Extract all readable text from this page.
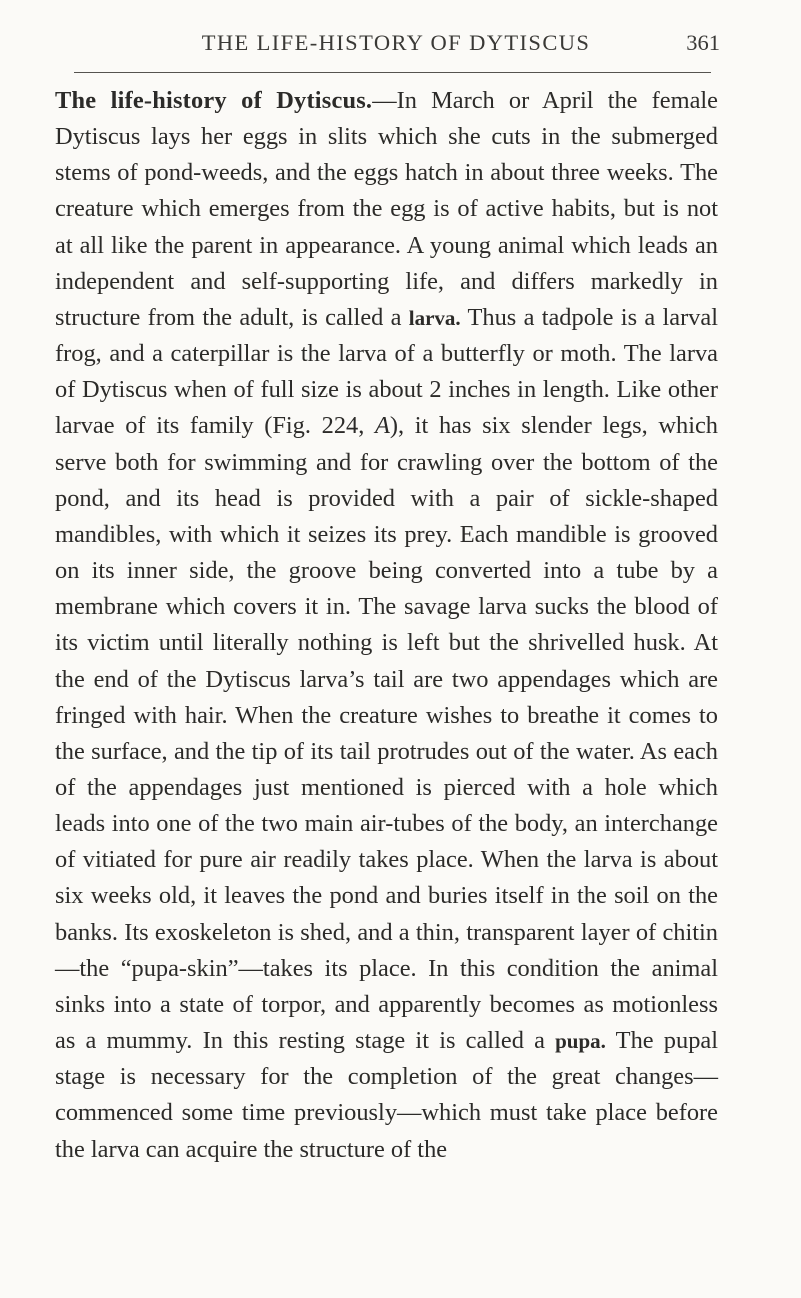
THE LIFE-HISTORY OF DYTISCUS	361

The life-history of Dytiscus.—In March or April the female Dytiscus lays her eggs in slits which she cuts in the submerged stems of pond-weeds, and the eggs hatch in about three weeks. The creature which emerges from the egg is of active habits, but is not at all like the parent in appearance. A young animal which leads an independent and self-supporting life, and differs markedly in structure from the adult, is called a larva. Thus a tadpole is a larval frog, and a caterpillar is the larva of a butterfly or moth. The larva of Dytiscus when of full size is about 2 inches in length. Like other larvae of its family (Fig. 224, A), it has six slender legs, which serve both for swimming and for crawling over the bottom of the pond, and its head is provided with a pair of sickle-shaped mandibles, with which it seizes its prey. Each mandible is grooved on its inner side, the groove being converted into a tube by a membrane which covers it in. The savage larva sucks the blood of its victim until literally nothing is left but the shrivelled husk. At the end of the Dytiscus larva’s tail are two appendages which are fringed with hair. When the creature wishes to breathe it comes to the surface, and the tip of its tail protrudes out of the water. As each of the appendages just mentioned is pierced with a hole which leads into one of the two main air-tubes of the body, an interchange of vitiated for pure air readily takes place. When the larva is about six weeks old, it leaves the pond and buries itself in the soil on the banks. Its exoskeleton is shed, and a thin, transparent layer of chitin—the “pupa-skin”—takes its place. In this condition the animal sinks into a state of torpor, and apparently becomes as motionless as a mummy. In this resting stage it is called a pupa. The pupal stage is necessary for the completion of the great changes—commenced some time previously—which must take place before the larva can acquire the structure of the
